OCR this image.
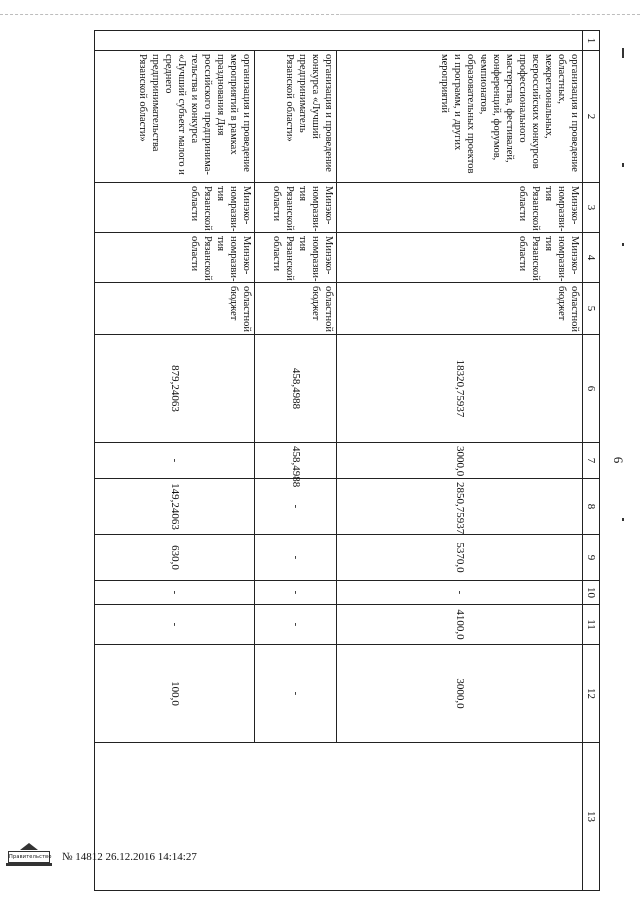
6
1	2	3	4	5	6	7	8	9	10	11	12	13
	организация и проведение областных, межрегиональных, всероссийских конкурсов профессионального мастерства, фестивалей, конференций, форумов, чемпионатов, образовательных проектов и программ, и других мероприятий	Минэко-номразви-тия Рязанской области	Минэко-номразви-тия Рязанской области	областной бюджет	18320,75937	3000,0	2850,75937	5370,0	-	4100,0	3000,0	
	организация и проведение конкурса «Лучший предприниматель Рязанской области»	Минэко-номразви-тия Рязанской области	Минэко-номразви-тия Рязанской области	областной бюджет	458,4988	458,4988	-	-	-	-	-	
	организация и проведение мероприятий в рамках празднования Дня российского предпринима-тельства и конкурса «Лучший субъект малого и среднего предпринимательства Рязанской области»	Минэко-номразви-тия Рязанской области	Минэко-номразви-тия Рязанской области	областной бюджет	879,24063	-	149,24063	630,0	-	-	100,0	
Правительство № 14812 26.12.2016 14:14:27
